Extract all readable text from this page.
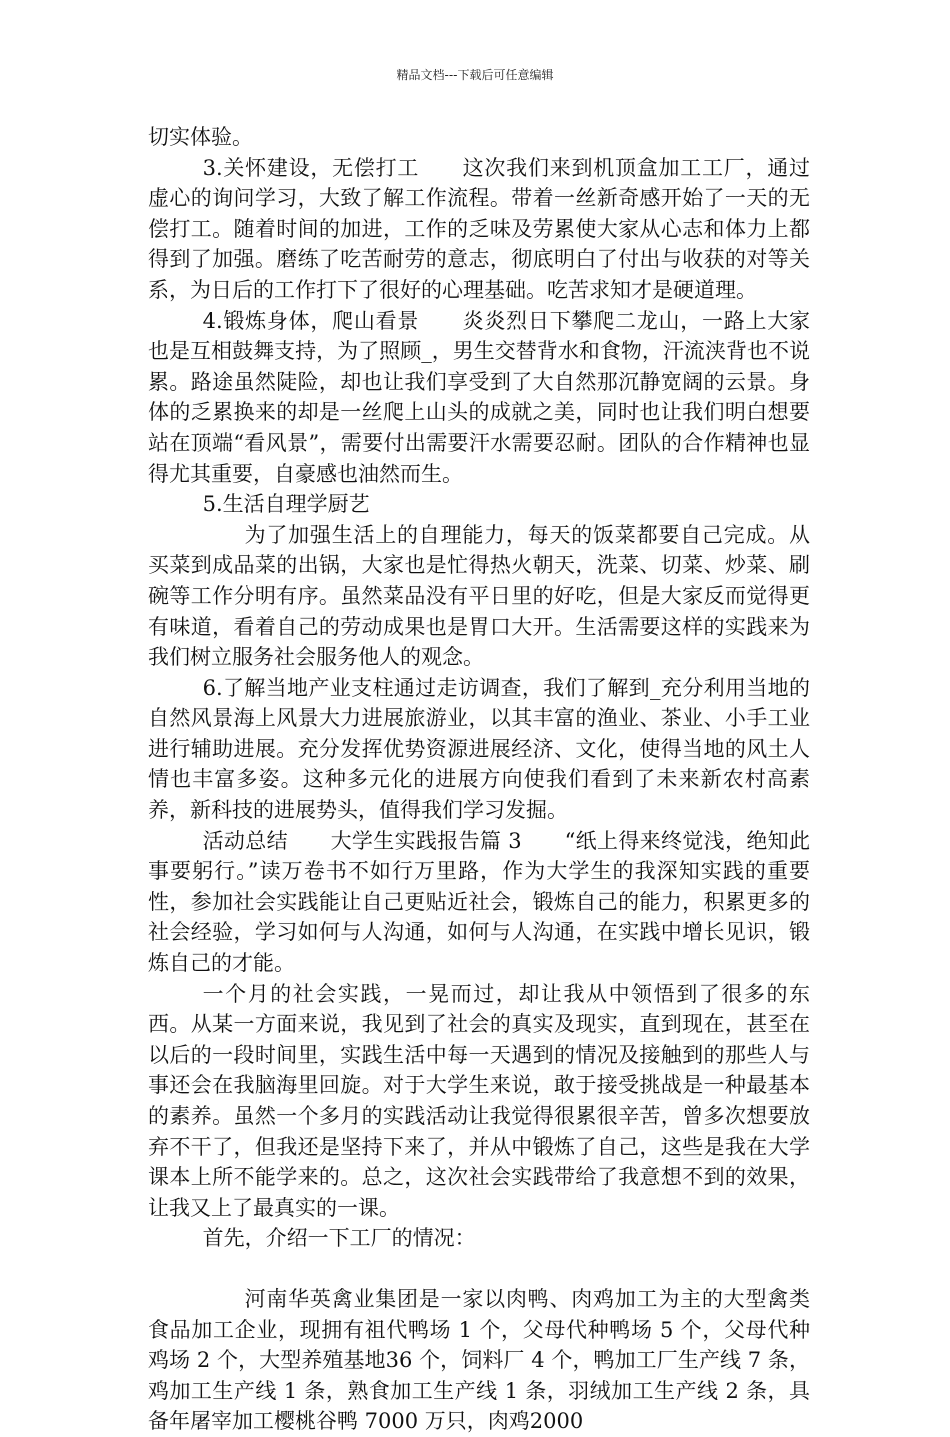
精品文档---下载后可任意编辑

切实体验。

3.关怀建设，无偿打工　　这次我们来到机顶盒加工工厂，通过虚心的询问学习，大致了解工作流程。带着一丝新奇感开始了一天的无偿打工。随着时间的加进，工作的乏味及劳累使大家从心志和体力上都得到了加强。磨练了吃苦耐劳的意志，彻底明白了付出与收获的对等关系，为日后的工作打下了很好的心理基础。吃苦求知才是硬道理。

4.锻炼身体，爬山看景　　炎炎烈日下攀爬二龙山，一路上大家也是互相鼓舞支持，为了照顾_，男生交替背水和食物，汗流浃背也不说累。路途虽然陡险，却也让我们享受到了大自然那沉静宽阔的云景。身体的乏累换来的却是一丝爬上山头的成就之美，同时也让我们明白想要站在顶端“看风景”，需要付出需要汗水需要忍耐。团队的合作精神也显得尤其重要，自豪感也油然而生。

5.生活自理学厨艺

为了加强生活上的自理能力，每天的饭菜都要自己完成。从买菜到成品菜的出锅，大家也是忙得热火朝天，洗菜、切菜、炒菜、刷碗等工作分明有序。虽然菜品没有平日里的好吃，但是大家反而觉得更有味道，看着自己的劳动成果也是胃口大开。生活需要这样的实践来为我们树立服务社会服务他人的观念。

6.了解当地产业支柱通过走访调查，我们了解到_充分利用当地的自然风景海上风景大力进展旅游业，以其丰富的渔业、茶业、小手工业进行辅助进展。充分发挥优势资源进展经济、文化，使得当地的风土人情也丰富多姿。这种多元化的进展方向使我们看到了未来新农村高素养，新科技的进展势头，值得我们学习发掘。

活动总结　　大学生实践报告篇 3　　“纸上得来终觉浅，绝知此事要躬行。”读万卷书不如行万里路，作为大学生的我深知实践的重要性，参加社会实践能让自己更贴近社会，锻炼自己的能力，积累更多的社会经验，学习如何与人沟通，如何与人沟通，在实践中增长见识，锻炼自己的才能。

一个月的社会实践，一晃而过，却让我从中领悟到了很多的东西。从某一方面来说，我见到了社会的真实及现实，直到现在，甚至在以后的一段时间里，实践生活中每一天遇到的情况及接触到的那些人与事还会在我脑海里回旋。对于大学生来说，敢于接受挑战是一种最基本的素养。虽然一个多月的实践活动让我觉得很累很辛苦，曾多次想要放弃不干了，但我还是坚持下来了，并从中锻炼了自己，这些是我在大学课本上所不能学来的。总之，这次社会实践带给了我意想不到的效果，让我又上了最真实的一课。

首先，介绍一下工厂的情况：

河南华英禽业集团是一家以肉鸭、肉鸡加工为主的大型禽类食品加工企业，现拥有祖代鸭场 1 个，父母代种鸭场 5 个，父母代种鸡场 2 个，大型养殖基地36 个，饲料厂 4 个，鸭加工厂生产线 7 条，鸡加工生产线 1 条，熟食加工生产线 1 条，羽绒加工生产线 2 条，具备年屠宰加工樱桃谷鸭 7000 万只，肉鸡2000
